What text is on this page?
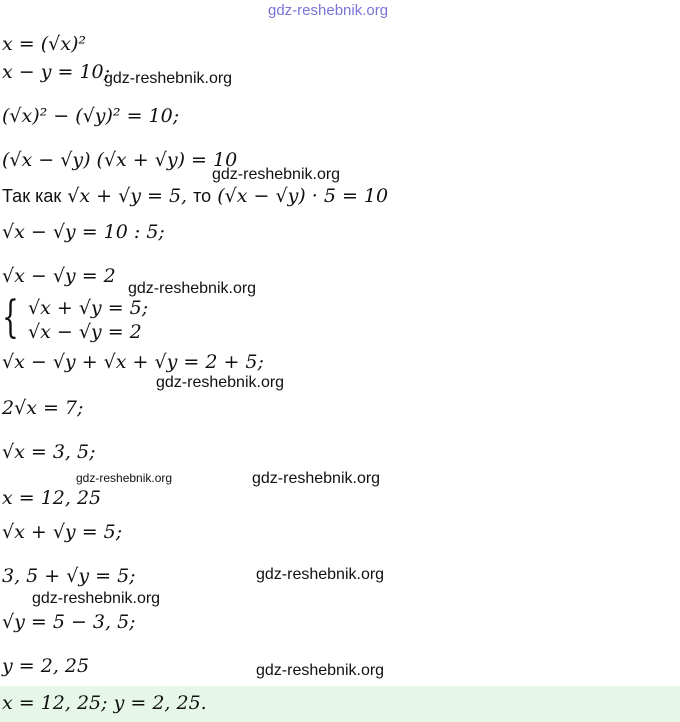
gdz-reshebnik.org
x = (√x)²
x − y = 10;
gdz-reshebnik.org
(√x)² − (√y)² = 10;
(√x − √y) (√x + √y) = 10
gdz-reshebnik.org
Так как √x + √y = 5, то (√x − √y) · 5 = 10
√x − √y = 10 : 5;
√x − √y = 2
gdz-reshebnik.org
{ √x + √y = 5;
√x − √y = 2
√x − √y + √x + √y = 2 + 5;
gdz-reshebnik.org
2√x = 7;
√x = 3, 5;
gdz-reshebnik.org	gdz-reshebnik.org
x = 12, 25
√x + √y = 5;
3, 5 + √y = 5;	gdz-reshebnik.org
gdz-reshebnik.org
√y = 5 − 3, 5;
y = 2, 25	gdz-reshebnik.org
x = 12, 25; y = 2, 25.
